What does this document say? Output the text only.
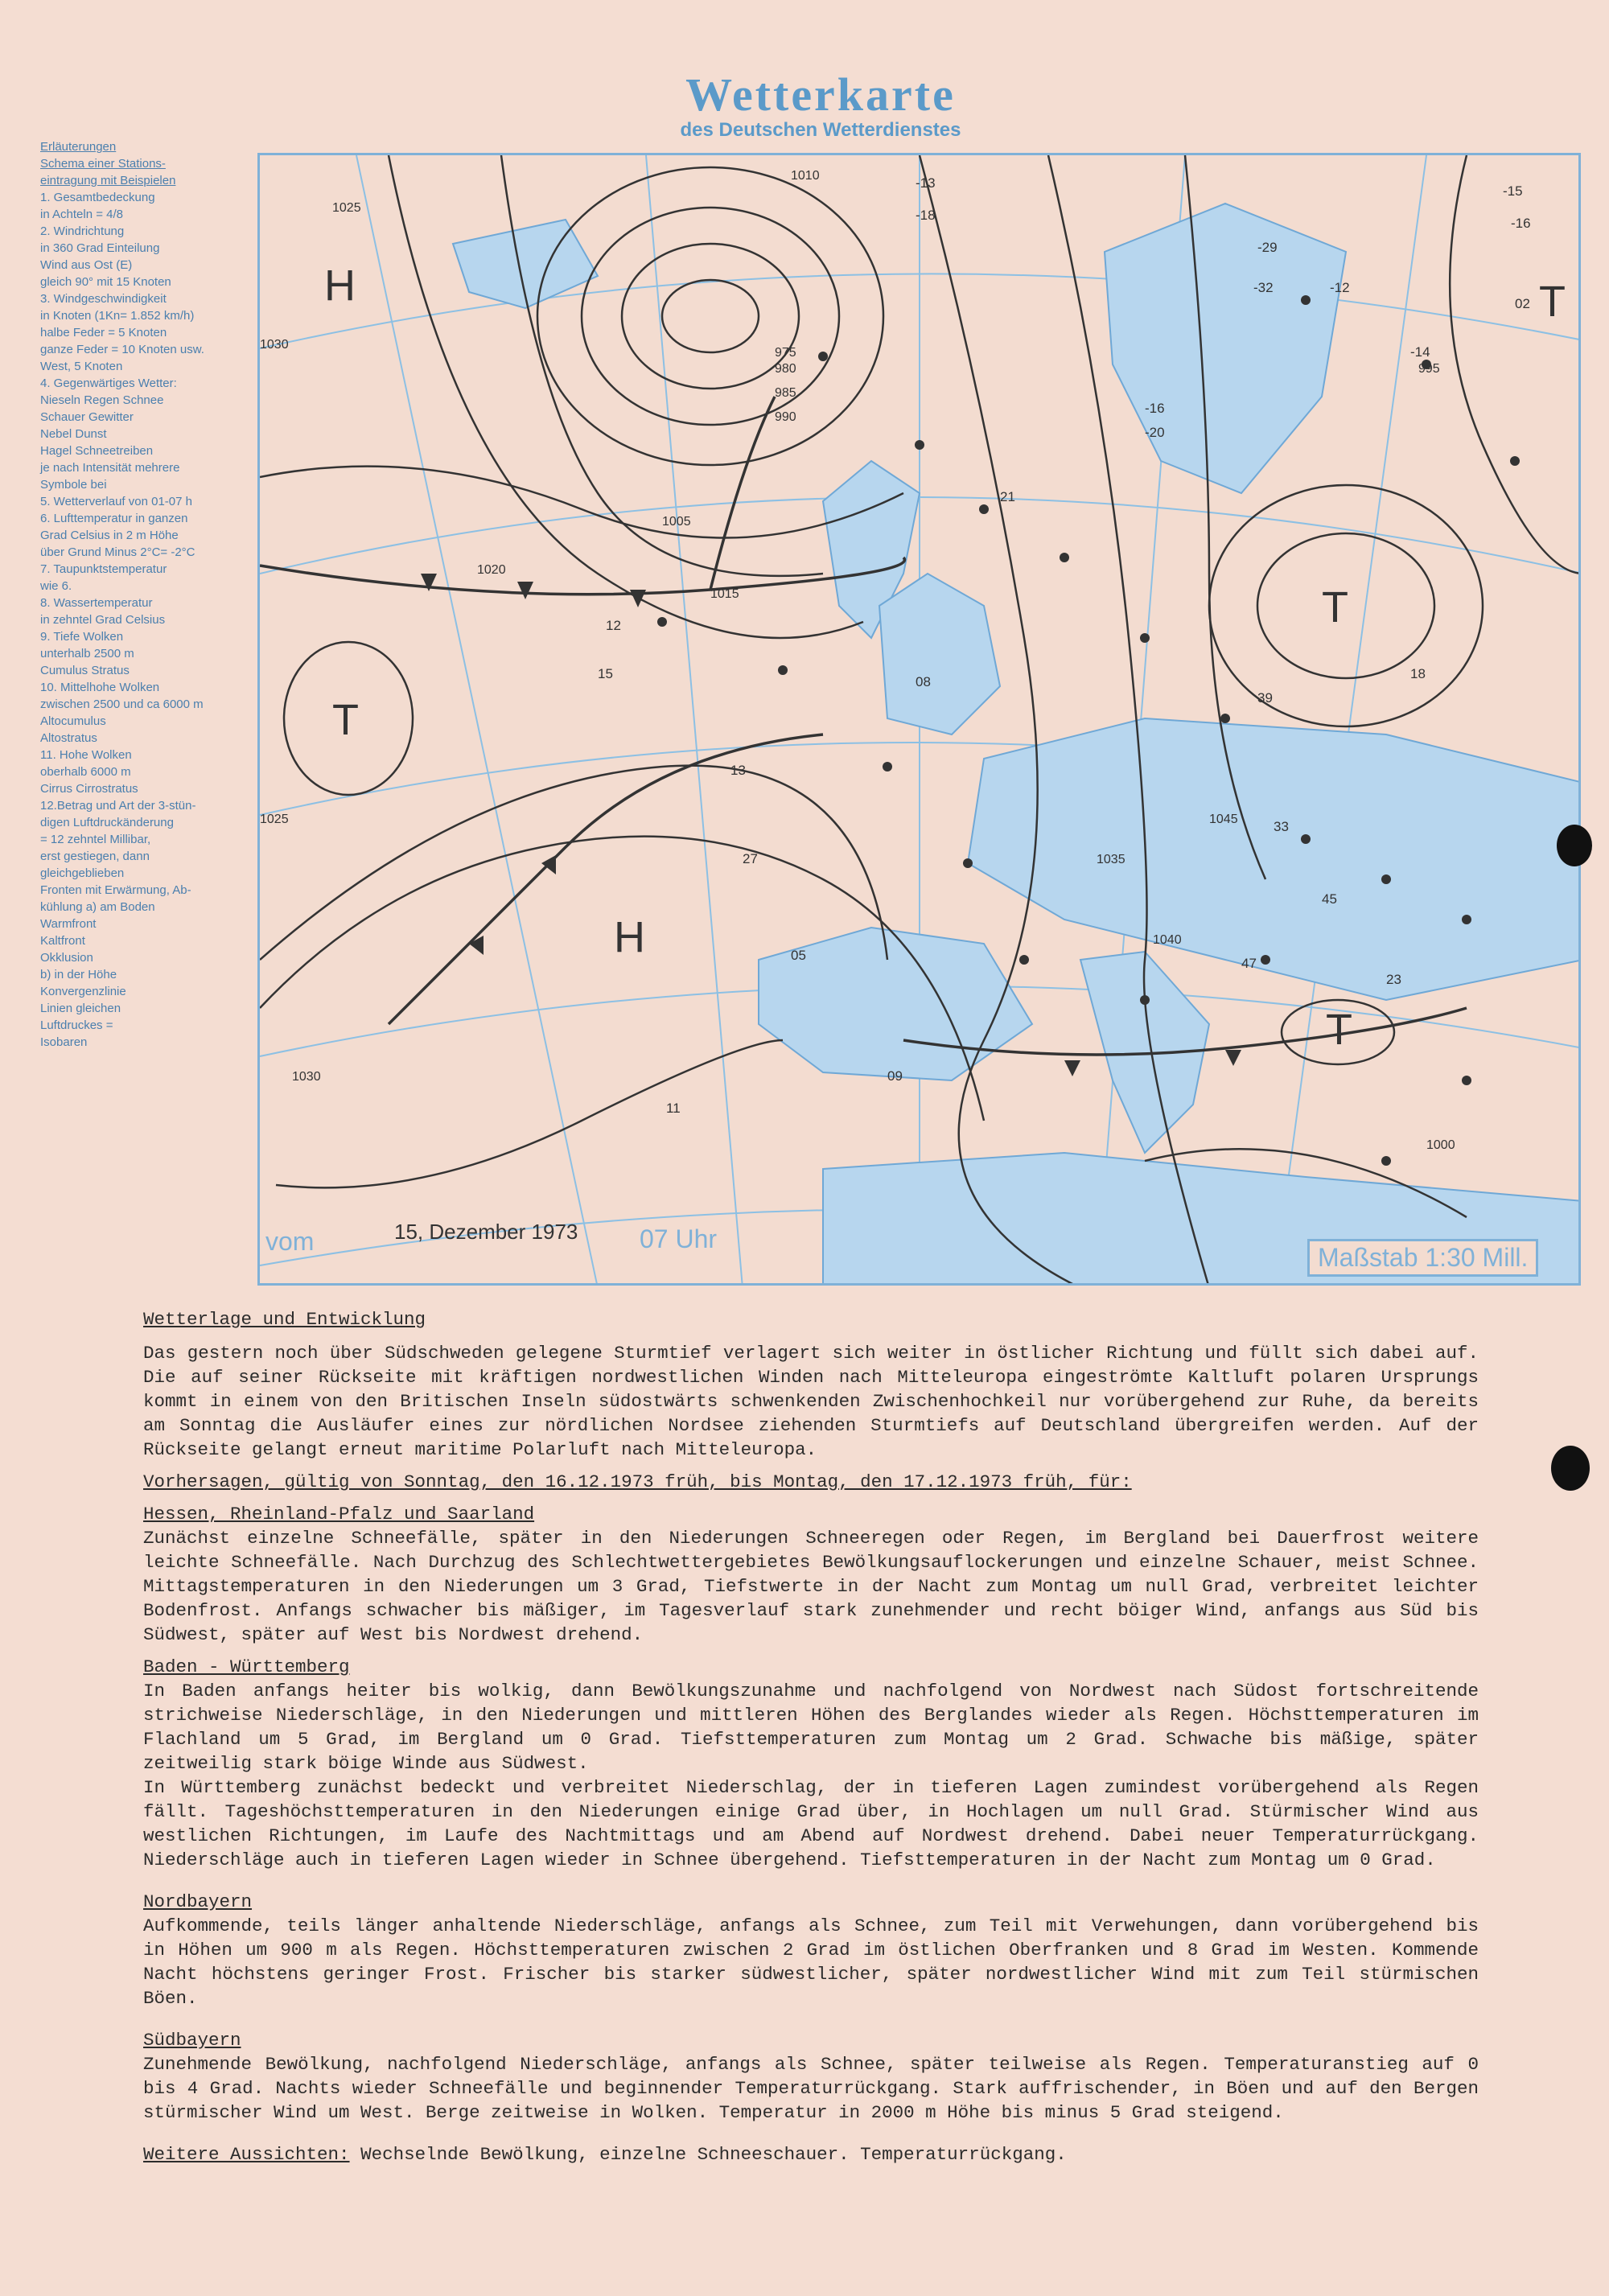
Wetterkarte
des Deutschen Wetterdienstes
Erläuterungen
Schema einer Stations-
eintragung mit Beispielen
1. Gesamtbedeckung
in Achteln = 4/8
2. Windrichtung
in 360 Grad Einteilung
Wind aus Ost (E)
gleich 90° mit 15 Knoten
3. Windgeschwindigkeit
in Knoten (1Kn= 1.852 km/h)
halbe Feder = 5 Knoten
ganze Feder = 10 Knoten usw.
West, 5 Knoten
4. Gegenwärtiges Wetter:
Nieseln Regen Schnee
Schauer Gewitter
Nebel Dunst
Hagel Schneetreiben
je nach Intensität mehrere
Symbole bei
5. Wetterverlauf von 01-07 h
6. Lufttemperatur in ganzen
Grad Celsius in 2 m Höhe
über Grund Minus 2°C= -2°C
7. Taupunktstemperatur
wie 6.
8. Wassertemperatur
in zehntel Grad Celsius
9. Tiefe Wolken
unterhalb 2500 m
Cumulus Stratus
10. Mittelhohe Wolken
zwischen 2500 und ca 6000 m
Altocumulus
Altostratus
11. Hohe Wolken
oberhalb 6000 m
Cirrus Cirrostratus
12.Betrag und Art der 3-stün-
digen Luftdruckänderung
= 12 zehntel Millibar,
erst gestiegen, dann
gleichgeblieben
Fronten mit Erwärmung, Ab-
kühlung a) am Boden
Warmfront
Kaltfront
Okklusion
b) in der Höhe
Konvergenzlinie
Linien gleichen
Luftdruckes =
Isobaren
H
T
H
T
T
T
1025
1030
1020
1015
1010
1005
1000
995
990
985
980
975
1025
1030
1035
1040
1045
-13
-18
-15
-16
02
-12
-29
-32
-14
-20
-16
21
39
18
13
12
15
27
45
47
23
11
08
05
09
33
vom	15, Dezember 1973 07 Uhr
Maßstab 1:30 Mill.
Wetterlage und Entwicklung

Das gestern noch über Südschweden gelegene Sturmtief verlagert sich weiter in östlicher Richtung und füllt sich dabei auf. Die auf seiner Rückseite mit kräftigen nordwestlichen Winden nach Mitteleuropa eingeströmte Kaltluft polaren Ursprungs kommt in einem von den Britischen Inseln südostwärts schwenkenden Zwischenhochkeil nur vorübergehend zur Ruhe, da bereits am Sonntag die Ausläufer eines zur nördlichen Nordsee ziehenden Sturmtiefs auf Deutschland übergreifen werden. Auf der Rückseite gelangt erneut maritime Polarluft nach Mitteleuropa.

Vorhersagen, gültig von Sonntag, den 16.12.1973 früh, bis Montag, den 17.12.1973 früh, für:
Hessen, Rheinland-Pfalz und Saarland

Zunächst einzelne Schneefälle, später in den Niederungen Schneeregen oder Regen, im Bergland bei Dauerfrost weitere leichte Schneefälle. Nach Durchzug des Schlechtwettergebietes Bewölkungsauflockerungen und einzelne Schauer, meist Schnee. Mittagstemperaturen in den Niederungen um 3 Grad, Tiefstwerte in der Nacht zum Montag um null Grad, verbreitet leichter Bodenfrost. Anfangs schwacher bis mäßiger, im Tagesverlauf stark zunehmender und recht böiger Wind, anfangs aus Süd bis Südwest, später auf West bis Nordwest drehend.

Baden - Württemberg

In Baden anfangs heiter bis wolkig, dann Bewölkungszunahme und nachfolgend von Nordwest nach Südost fortschreitende strichweise Niederschläge, in den Niederungen und mittleren Höhen des Berglandes wieder als Regen. Höchsttemperaturen im Flachland um 5 Grad, im Bergland um 0 Grad. Tiefsttemperaturen zum Montag um 2 Grad. Schwache bis mäßige, später zeitweilig stark böige Winde aus Südwest.

In Württemberg zunächst bedeckt und verbreitet Niederschlag, der in tieferen Lagen zumindest vorübergehend als Regen fällt. Tageshöchsttemperaturen in den Niederungen einige Grad über, in Hochlagen um null Grad. Stürmischer Wind aus westlichen Richtungen, im Laufe des Nachtmittags und am Abend auf Nordwest drehend. Dabei neuer Temperaturrückgang. Niederschläge auch in tieferen Lagen wieder in Schnee übergehend. Tiefsttemperaturen in der Nacht zum Montag um 0 Grad.

Nordbayern

Aufkommende, teils länger anhaltende Niederschläge, anfangs als Schnee, zum Teil mit Verwehungen, dann vorübergehend bis in Höhen um 900 m als Regen. Höchsttemperaturen zwischen 2 Grad im östlichen Oberfranken und 8 Grad im Westen. Kommende Nacht höchstens geringer Frost. Frischer bis starker südwestlicher, später nordwestlicher Wind mit zum Teil stürmischen Böen.

Südbayern

Zunehmende Bewölkung, nachfolgend Niederschläge, anfangs als Schnee, später teilweise als Regen. Temperaturanstieg auf 0 bis 4 Grad. Nachts wieder Schneefälle und beginnender Temperaturrückgang. Stark auffrischender, in Böen und auf den Bergen stürmischer Wind um West. Berge zeitweise in Wolken. Temperatur in 2000 m Höhe bis minus 5 Grad steigend.

Weitere Aussichten: Wechselnde Bewölkung, einzelne Schneeschauer. Temperaturrückgang.
